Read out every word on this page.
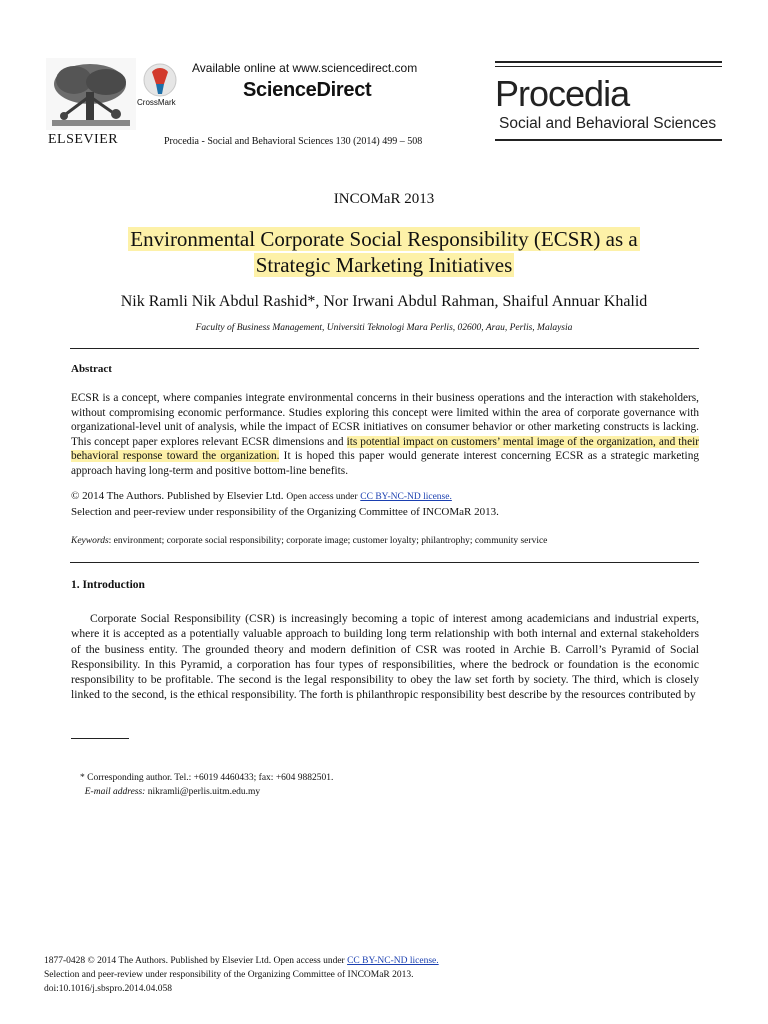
ELSEVIER
CrossMark
Available online at www.sciencedirect.com
ScienceDirect
Procedia - Social and Behavioral Sciences 130 (2014) 499 – 508
Procedia
Social and Behavioral Sciences
INCOMaR 2013
Environmental Corporate Social Responsibility (ECSR) as a
Strategic Marketing Initiatives
Nik Ramli Nik Abdul Rashid*, Nor Irwani Abdul Rahman, Shaiful Annuar Khalid
Faculty of Business Management, Universiti Teknologi Mara Perlis, 02600, Arau, Perlis, Malaysia
Abstract
ECSR is a concept, where companies integrate environmental concerns in their business operations and the interaction with stakeholders, without compromising economic performance. Studies exploring this concept were limited within the area of corporate governance with organizational-level unit of analysis, while the impact of ECSR initiatives on consumer behavior or other marketing constructs is lacking. This concept paper explores relevant ECSR dimensions and its potential impact on customers’ mental image of the organization, and their behavioral response toward the organization. It is hoped this paper would generate interest concerning ECSR as a strategic marketing approach having long-term and positive bottom-line benefits.
© 2014 The Authors. Published by Elsevier Ltd. Open access under CC BY-NC-ND license.
Selection and peer-review under responsibility of the Organizing Committee of INCOMaR 2013.
Keywords: environment; corporate social responsibility; corporate image; customer loyalty; philantrophy; community service
1. Introduction

Corporate Social Responsibility (CSR) is increasingly becoming a topic of interest among academicians and industrial experts, where it is accepted as a potentially valuable approach to building long term relationship with both internal and external stakeholders of the business entity. The grounded theory and modern definition of CSR was rooted in Archie B. Carroll’s Pyramid of Social Responsibility. In this Pyramid, a corporation has four types of responsibilities, where the bedrock or foundation is the economic responsibility to be profitable. The second is the legal responsibility to obey the law set forth by society. The third, which is closely linked to the second, is the ethical responsibility. The forth is philanthropic responsibility best describe by the resources contributed by

* Corresponding author. Tel.: +6019 4460433; fax: +604 9882501.
E-mail address: nikramli@perlis.uitm.edu.my
1877-0428 © 2014 The Authors. Published by Elsevier Ltd. Open access under CC BY-NC-ND license.
Selection and peer-review under responsibility of the Organizing Committee of INCOMaR 2013.
doi:10.1016/j.sbspro.2014.04.058
